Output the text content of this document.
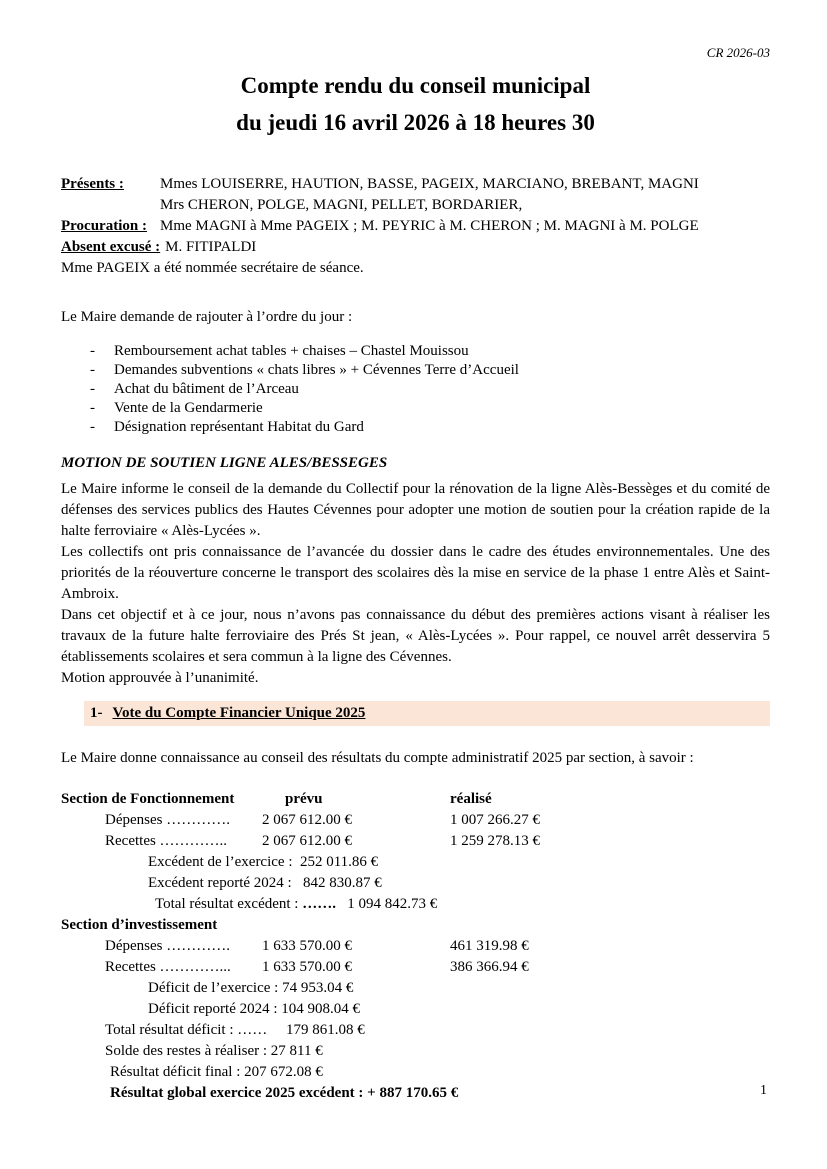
CR 2026-03
Compte rendu du conseil municipal
du jeudi 16 avril 2026 à 18 heures 30
Présents :	Mmes LOUISERRE, HAUTION, BASSE, PAGEIX, MARCIANO, BREBANT, MAGNI
Mrs CHERON, POLGE, MAGNI, PELLET, BORDARIER,
Procuration : Mme MAGNI à Mme PAGEIX ; M. PEYRIC à M. CHERON ; M. MAGNI à M. POLGE
Absent excusé : M. FITIPALDI
Mme PAGEIX a été nommée secrétaire de séance.

Le Maire demande de rajouter à l’ordre du jour :

- Remboursement achat tables + chaises – Chastel Mouissou
- Demandes subventions « chats libres » + Cévennes Terre d’Accueil
- Achat du bâtiment de l’Arceau
- Vente de la Gendarmerie
- Désignation représentant Habitat du Gard
MOTION DE SOUTIEN LIGNE ALES/BESSEGES

Le Maire informe le conseil de la demande du Collectif pour la rénovation de la ligne Alès-Bessèges et du comité de défenses des services publics des Hautes Cévennes pour adopter une motion de soutien pour la création rapide de la halte ferroviaire « Alès-Lycées ».

Les collectifs ont pris connaissance de l’avancée du dossier dans le cadre des études environnementales. Une des priorités de la réouverture concerne le transport des scolaires dès la mise en service de la phase 1 entre Alès et Saint-Ambroix.

Dans cet objectif et à ce jour, nous n’avons pas connaissance du début des premières actions visant à réaliser les travaux de la future halte ferroviaire des Prés St jean, « Alès-Lycées ». Pour rappel, ce nouvel arrêt desservira 5 établissements scolaires et sera commun à la ligne des Cévennes.

Motion approuvée à l’unanimité.

1- Vote du Compte Financier Unique 2025

Le Maire donne connaissance au conseil des résultats du compte administratif 2025 par section, à savoir :

Section de Fonctionnement	prévu	réalisé
Dépenses ………….	2 067 612.00 €	1 007 266.27 €
Recettes …………..	2 067 612.00 €	1 259 278.13 €
Excédent de l’exercice :  252 011.86 €
Excédent reporté 2024 :   842 830.87 €
Total résultat excédent : …….   1 094 842.73 €
Section d’investissement
Dépenses ………….	1 633 570.00 €	461 319.98 €
Recettes …………...	1 633 570.00 €	386 366.94 €
Déficit de l’exercice : 74 953.04 €
Déficit reporté 2024 : 104 908.04 €
Total résultat déficit : ……     179 861.08 €
Solde des restes à réaliser : 27 811 €
Résultat déficit final : 207 672.08 €
Résultat global exercice 2025 excédent : + 887 170.65 €	1
